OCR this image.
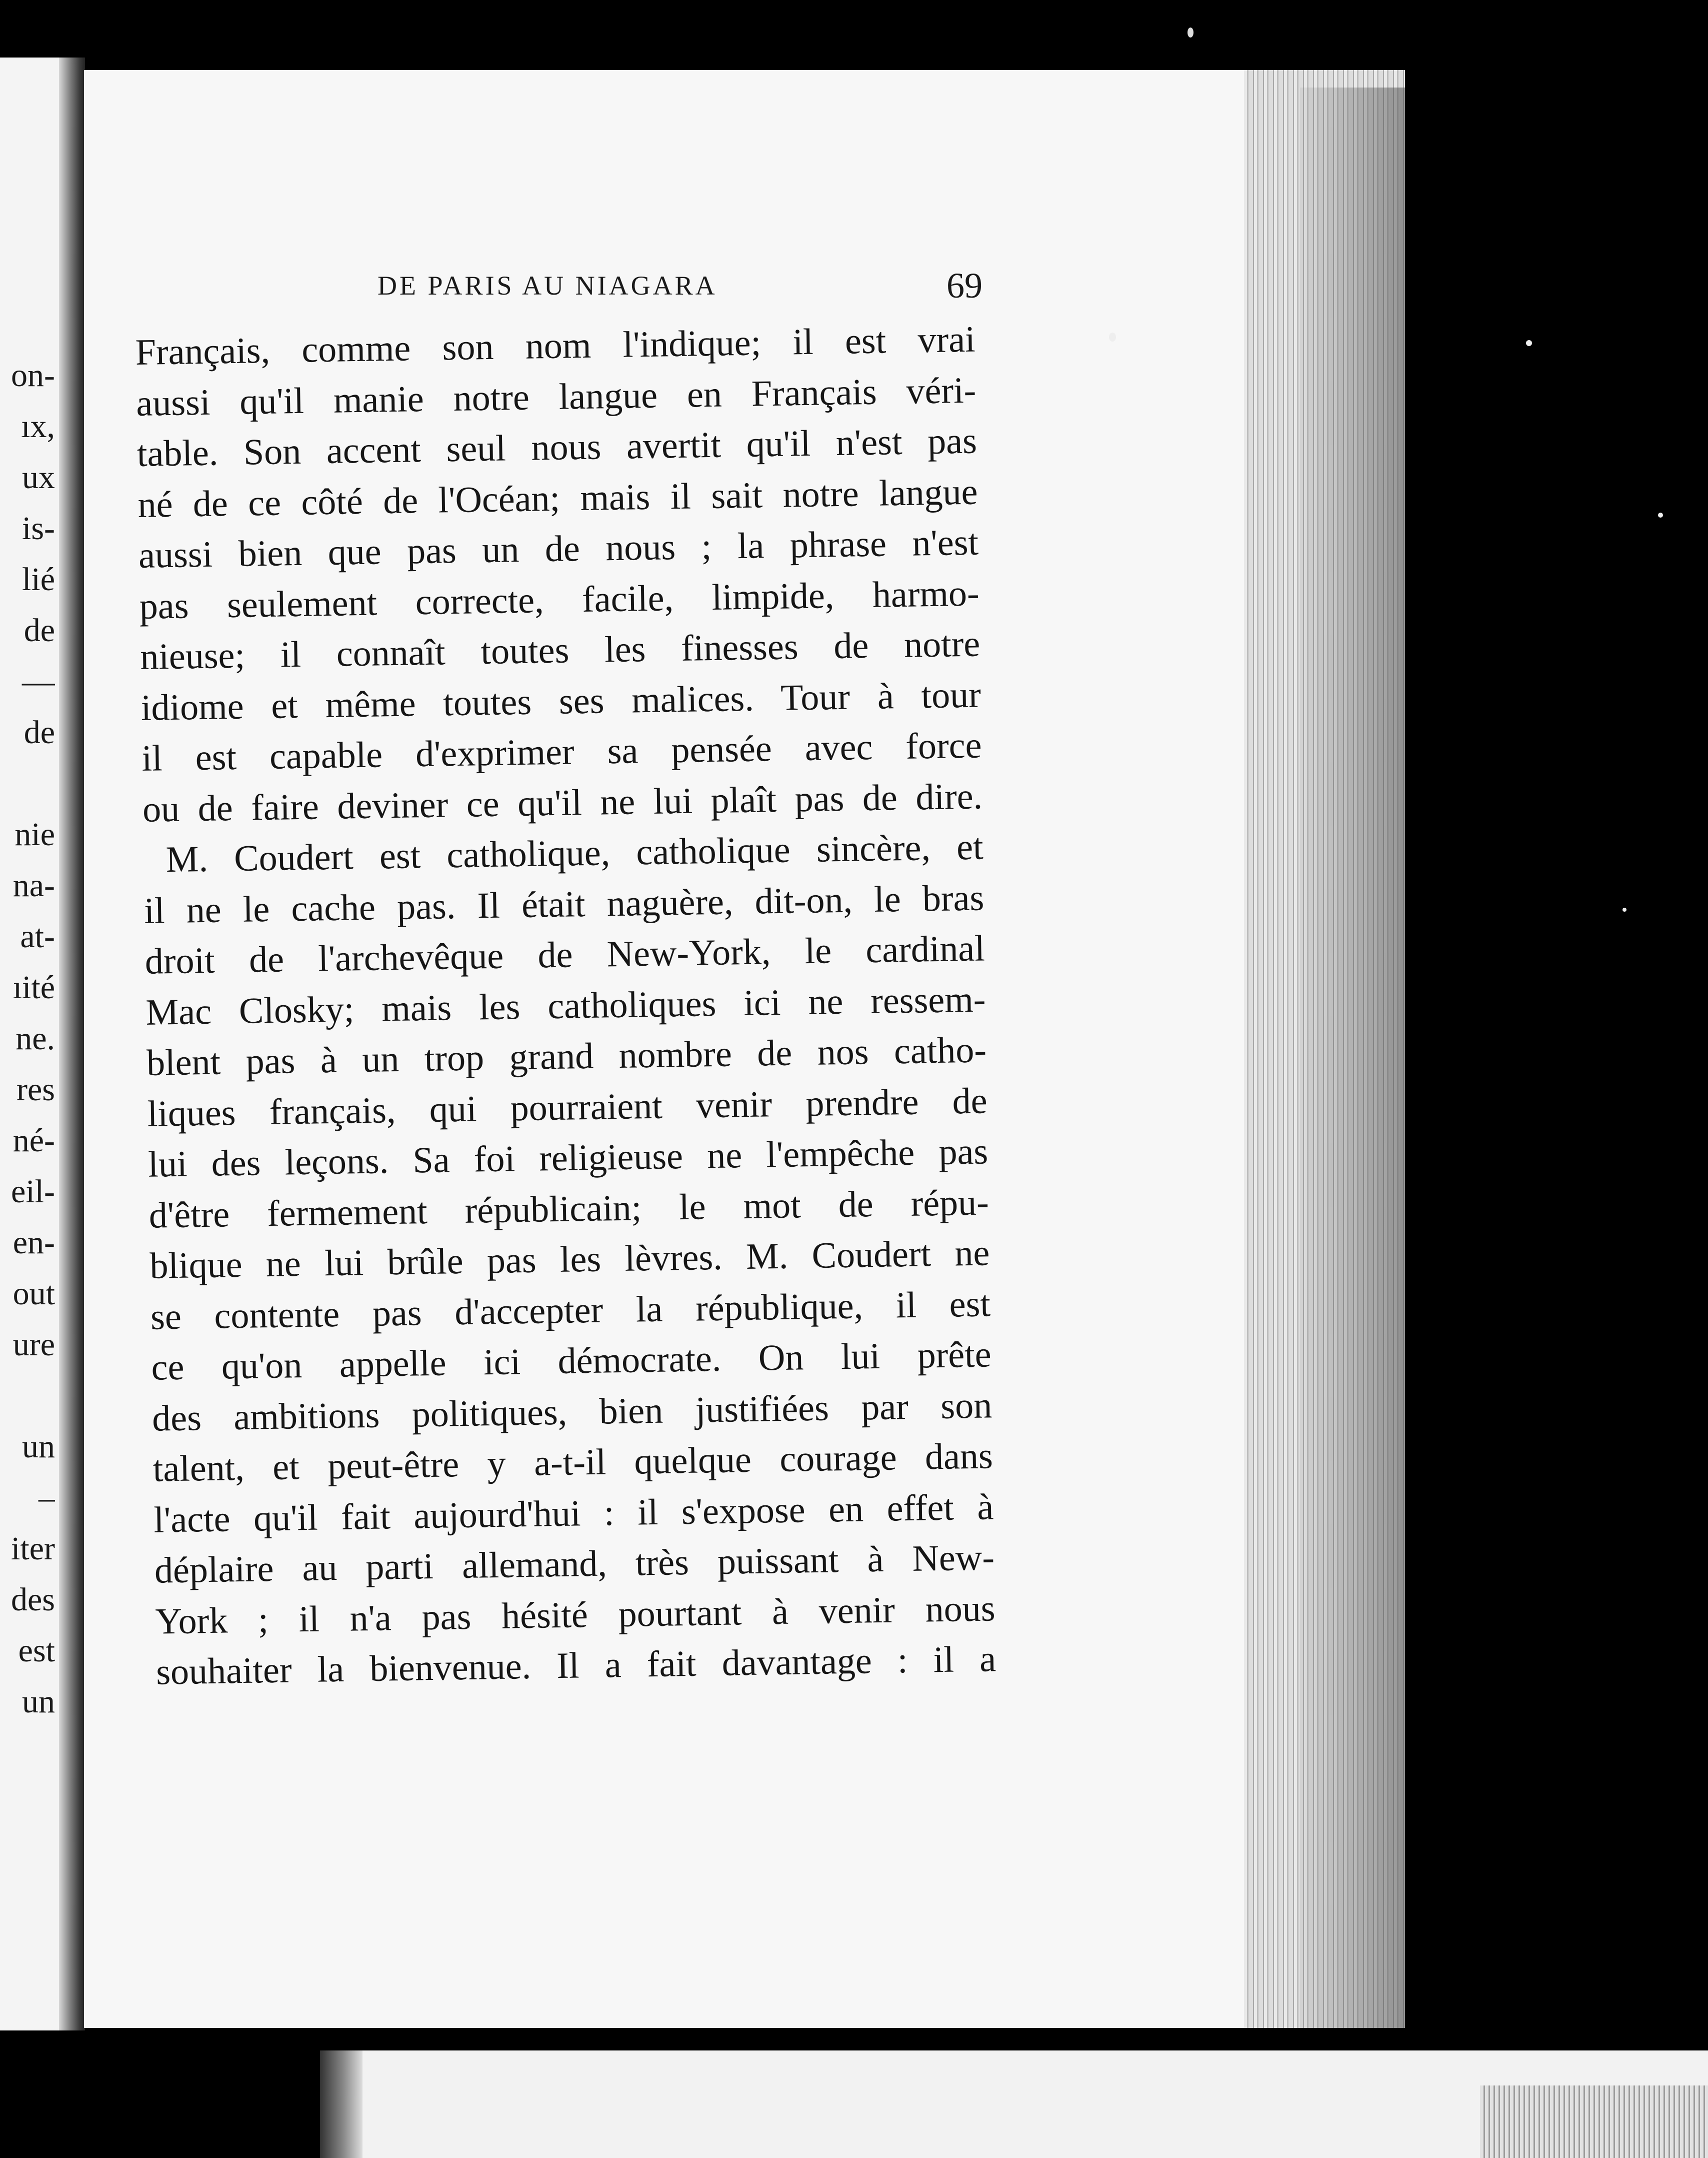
on-
ıx,
ux
is-
lié
de
—
de
nie
na-
at-
ıité
ne.
res
né-
eil-
en-
out
ure
un
–
iter
des
est
un
DE PARIS AU NIAGARA	69
Français, comme son nom l'indique; il est vrai
aussi qu'il manie notre langue en Français véri-
table. Son accent seul nous avertit qu'il n'est pas
né de ce côté de l'Océan; mais il sait notre langue
aussi bien que pas un de nous ; la phrase n'est
pas seulement correcte, facile, limpide, harmo-
nieuse; il connaît toutes les finesses de notre
idiome et même toutes ses malices. Tour à tour
il est capable d'exprimer sa pensée avec force
ou de faire deviner ce qu'il ne lui plaît pas de dire.
M. Coudert est catholique, catholique sincère, et
il ne le cache pas. Il était naguère, dit-on, le bras
droit de l'archevêque de New-York, le cardinal
Mac Closky; mais les catholiques ici ne ressem-
blent pas à un trop grand nombre de nos catho-
liques français, qui pourraient venir prendre de
lui des leçons. Sa foi religieuse ne l'empêche pas
d'être fermement républicain; le mot de répu-
blique ne lui brûle pas les lèvres. M. Coudert ne
se contente pas d'accepter la république, il est
ce qu'on appelle ici démocrate. On lui prête
des ambitions politiques, bien justifiées par son
talent, et peut-être y a-t-il quelque courage dans
l'acte qu'il fait aujourd'hui : il s'expose en effet à
déplaire au parti allemand, très puissant à New-
York ; il n'a pas hésité pourtant à venir nous
souhaiter la bienvenue. Il a fait davantage : il a
